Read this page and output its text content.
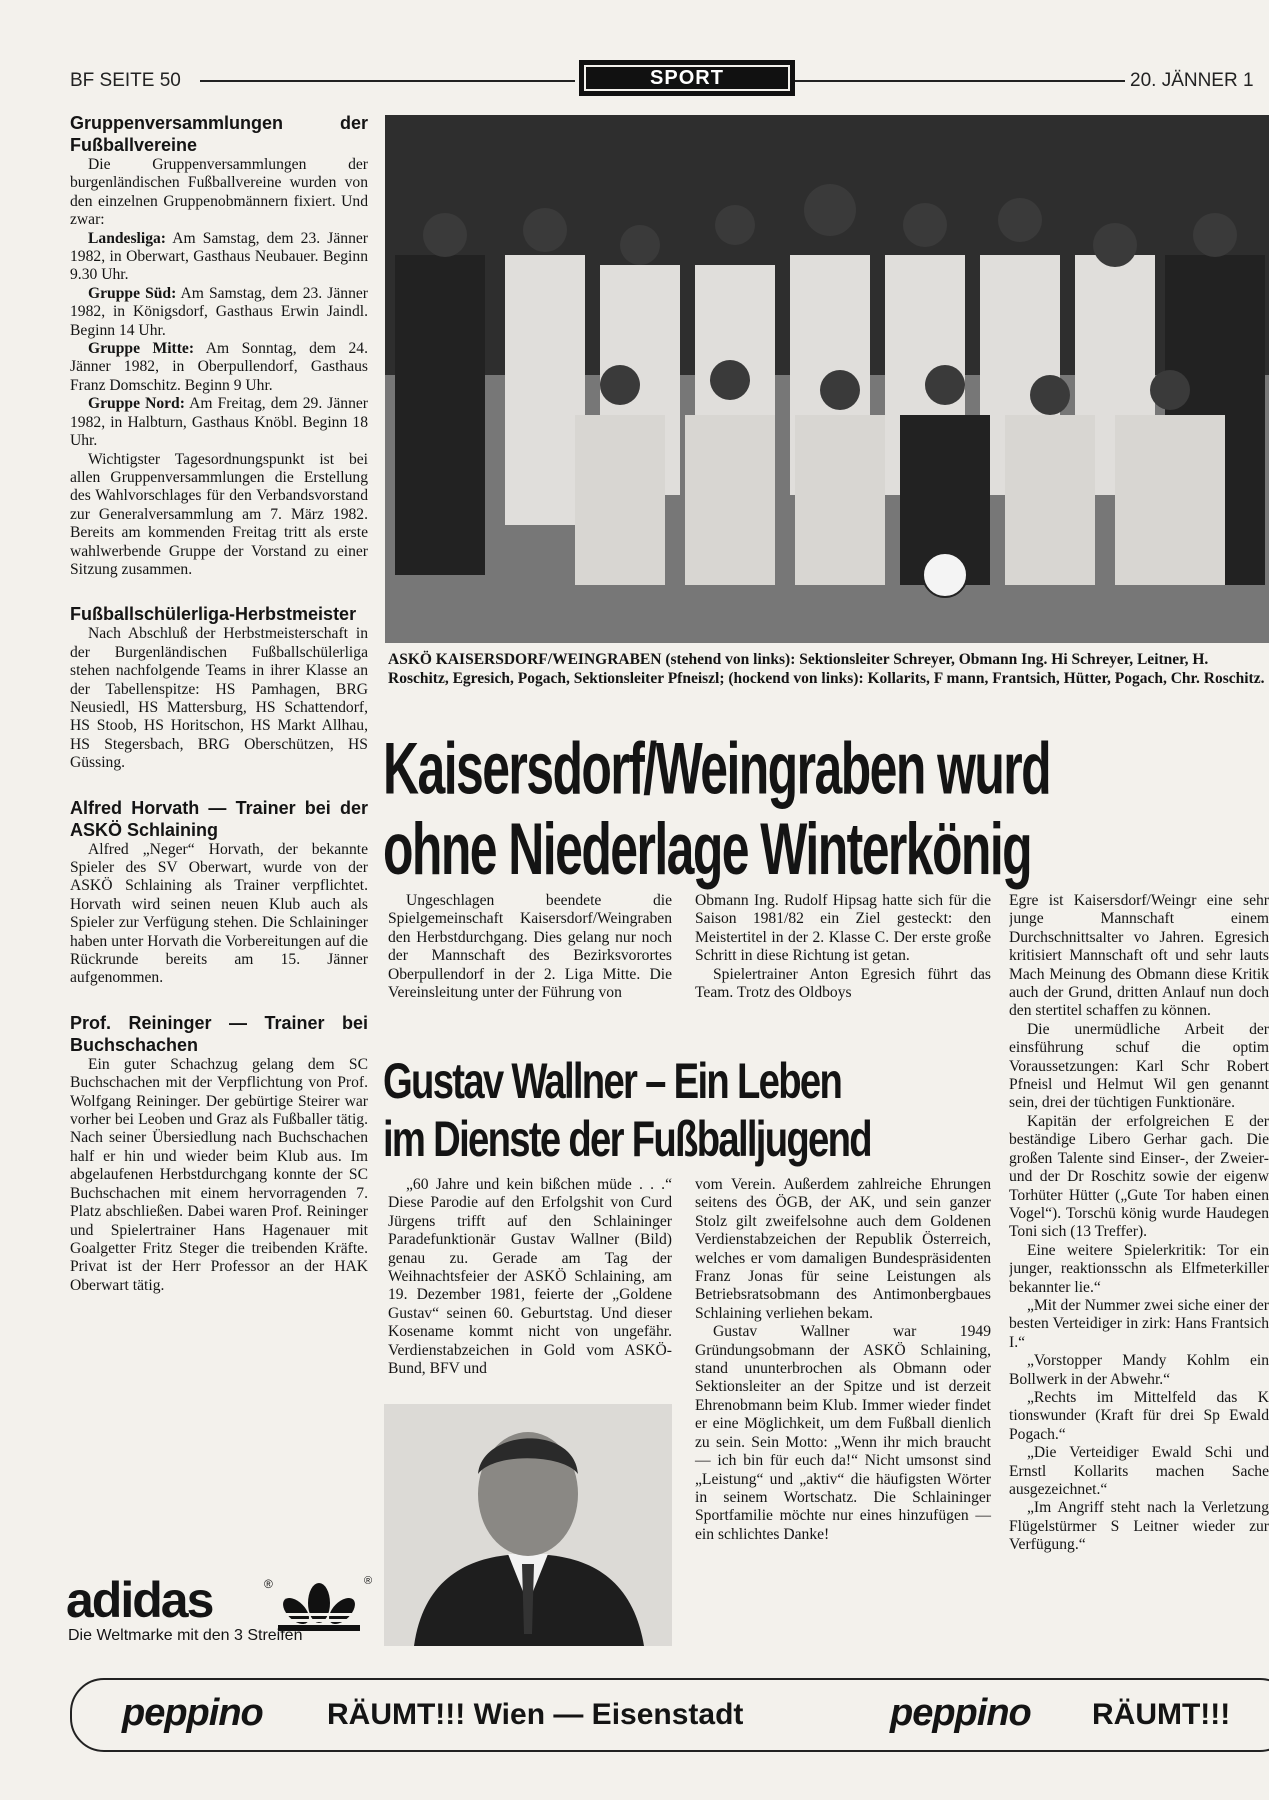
BF SEITE 50	SPORT	20. JÄNNER 1
Gruppenversammlungen der Fußballvereine

Die Gruppenversammlungen der burgenländischen Fußballvereine wurden von den einzelnen Gruppenobmännern fixiert. Und zwar:

Landesliga: Am Samstag, dem 23. Jänner 1982, in Oberwart, Gasthaus Neubauer. Beginn 9.30 Uhr.

Gruppe Süd: Am Samstag, dem 23. Jänner 1982, in Königsdorf, Gasthaus Erwin Jaindl. Beginn 14 Uhr.

Gruppe Mitte: Am Sonntag, dem 24. Jänner 1982, in Oberpullendorf, Gasthaus Franz Domschitz. Beginn 9 Uhr.

Gruppe Nord: Am Freitag, dem 29. Jänner 1982, in Halbturn, Gasthaus Knöbl. Beginn 18 Uhr.

Wichtigster Tagesordnungspunkt ist bei allen Gruppenversammlungen die Erstellung des Wahlvorschlages für den Verbandsvorstand zur Generalversammlung am 7. März 1982. Bereits am kommenden Freitag tritt als erste wahlwerbende Gruppe der Vorstand zu einer Sitzung zusammen.

Fußballschülerliga-Herbstmeister

Nach Abschluß der Herbstmeisterschaft in der Burgenländischen Fußballschülerliga stehen nachfolgende Teams in ihrer Klasse an der Tabellenspitze: HS Pamhagen, BRG Neusiedl, HS Mattersburg, HS Schattendorf, HS Stoob, HS Horitschon, HS Markt Allhau, HS Stegersbach, BRG Oberschützen, HS Güssing.

Alfred Horvath — Trainer bei der ASKÖ Schlaining

Alfred „Neger“ Horvath, der bekannte Spieler des SV Oberwart, wurde von der ASKÖ Schlaining als Trainer verpflichtet. Horvath wird seinen neuen Klub auch als Spieler zur Verfügung stehen. Die Schlaininger haben unter Horvath die Vorbereitungen auf die Rückrunde bereits am 15. Jänner aufgenommen.

Prof. Reininger — Trainer bei Buchschachen

Ein guter Schachzug gelang dem SC Buchschachen mit der Verpflichtung von Prof. Wolfgang Reininger. Der gebürtige Steirer war vorher bei Leoben und Graz als Fußballer tätig. Nach seiner Übersiedlung nach Buchschachen half er hin und wieder beim Klub aus. Im abgelaufenen Herbstdurchgang konnte der SC Buchschachen mit einem hervorragenden 7. Platz abschließen. Dabei waren Prof. Reininger und Spielertrainer Hans Hagenauer mit Goalgetter Fritz Steger die treibenden Kräfte. Privat ist der Herr Professor an der HAK Oberwart tätig.

adidas	®	®
Die Weltmarke mit den 3 Streifen
ASKÖ KAISERSDORF/WEINGRABEN (stehend von links): Sektionsleiter Schreyer, Obmann Ing. Hi Schreyer, Leitner, H. Roschitz, Egresich, Pogach, Sektionsleiter Pfneiszl; (hockend von links): Kollarits, F mann, Frantsich, Hütter, Pogach, Chr. Roschitz.
Kaisersdorf/Weingraben wurd
ohne Niederlage Winterkönig

Ungeschlagen beendete die Spielgemeinschaft Kaisersdorf/Weingraben den Herbstdurchgang. Dies gelang nur noch der Mannschaft des Bezirksvorortes Oberpullendorf in der 2. Liga Mitte. Die Vereinsleitung unter der Führung von

Obmann Ing. Rudolf Hipsag hatte sich für die Saison 1981/82 ein Ziel gesteckt: den Meistertitel in der 2. Klasse C. Der erste große Schritt in diese Richtung ist getan.

Spielertrainer Anton Egresich führt das Team. Trotz des Oldboys

Egre ist Kaisersdorf/Weingr eine sehr junge Mannschaft einem Durchschnittsalter vo Jahren. Egresich kritisiert Mannschaft oft und sehr lauts Mach Meinung des Obmann diese Kritik auch der Grund, dritten Anlauf nun doch den stertitel schaffen zu können.

Die unermüdliche Arbeit der einsführung schuf die optim Voraussetzungen: Karl Schr Robert Pfneisl und Helmut Wil gen genannt sein, drei der tüchtigen Funktionäre.

Kapitän der erfolgreichen E der beständige Libero Gerhar gach. Die großen Talente sind Einser-, der Zweier- und der Dr Roschitz sowie der eigenw Torhüter Hütter („Gute Tor haben einen Vogel“). Torschü könig wurde Haudegen Toni sich (13 Treffer).

Eine weitere Spielerkritik: Tor ein junger, reaktionsschn als Elfmeterkiller bekannter lie.“

„Mit der Nummer zwei siche einer der besten Verteidiger in zirk: Hans Frantsich I.“

„Vorstopper Mandy Kohlm ein Bollwerk in der Abwehr.“

„Rechts im Mittelfeld das K tionswunder (Kraft für drei Sp Ewald Pogach.“

„Die Verteidiger Ewald Schi und Ernstl Kollarits machen Sache ausgezeichnet.“

„Im Angriff steht nach la Verletzung Flügelstürmer S Leitner wieder zur Verfügung.“

Gustav Wallner – Ein Leben
im Dienste der Fußballjugend

„60 Jahre und kein bißchen müde . . .“ Diese Parodie auf den Erfolgshit von Curd Jürgens trifft auf den Schlaininger Paradefunktionär Gustav Wallner (Bild) genau zu. Gerade am Tag der Weihnachtsfeier der ASKÖ Schlaining, am 19. Dezember 1981, feierte der „Goldene Gustav“ seinen 60. Geburtstag. Und dieser Kosename kommt nicht von ungefähr. Verdienstabzeichen in Gold vom ASKÖ-Bund, BFV und

vom Verein. Außerdem zahlreiche Ehrungen seitens des ÖGB, der AK, und sein ganzer Stolz gilt zweifelsohne auch dem Goldenen Verdienstabzeichen der Republik Österreich, welches er vom damaligen Bundespräsidenten Franz Jonas für seine Leistungen als Betriebsratsobmann des Antimonbergbaues Schlaining verliehen bekam.

Gustav Wallner war 1949 Gründungsobmann der ASKÖ Schlaining, stand ununterbrochen als Obmann oder Sektionsleiter an der Spitze und ist derzeit Ehrenobmann beim Klub. Immer wieder findet er eine Möglichkeit, um dem Fußball dienlich zu sein. Sein Motto: „Wenn ihr mich braucht — ich bin für euch da!“ Nicht umsonst sind „Leistung“ und „aktiv“ die häufigsten Wörter in seinem Wortschatz. Die Schlaininger Sportfamilie möchte nur eines hinzufügen — ein schlichtes Danke!

peppino RÄUMT!!! Wien — Eisenstadt	peppino RÄUMT!!!
